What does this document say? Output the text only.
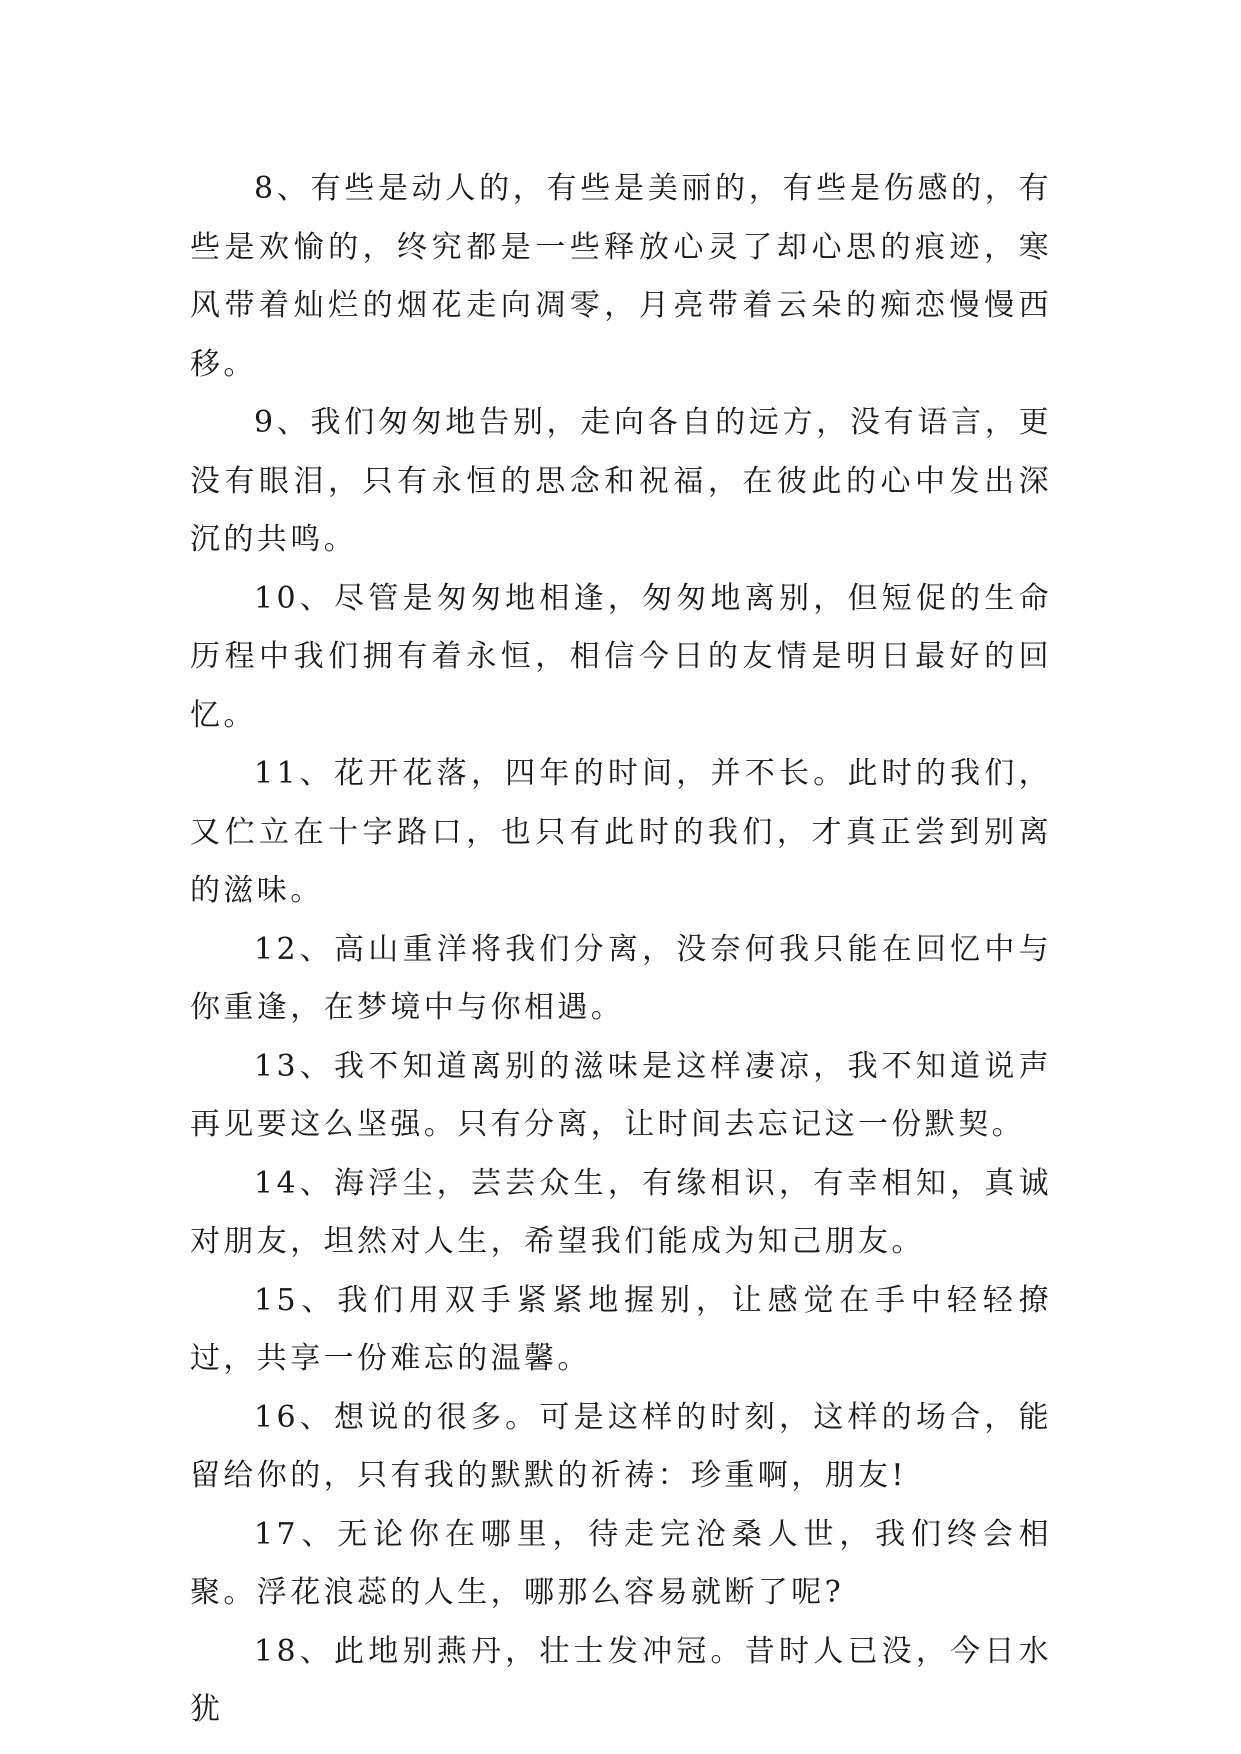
8、有些是动人的，有些是美丽的，有些是伤感的，有些是欢愉的，终究都是一些释放心灵了却心思的痕迹，寒风带着灿烂的烟花走向凋零，月亮带着云朵的痴恋慢慢西移。

9、我们匆匆地告别，走向各自的远方，没有语言，更没有眼泪，只有永恒的思念和祝福，在彼此的心中发出深沉的共鸣。

10、尽管是匆匆地相逢，匆匆地离别，但短促的生命历程中我们拥有着永恒，相信今日的友情是明日最好的回忆。

11、花开花落，四年的时间，并不长。此时的我们，又伫立在十字路口，也只有此时的我们，才真正尝到别离的滋味。

12、高山重洋将我们分离，没奈何我只能在回忆中与你重逢，在梦境中与你相遇。

13、我不知道离别的滋味是这样凄凉，我不知道说声再见要这么坚强。只有分离，让时间去忘记这一份默契。

14、海浮尘，芸芸众生，有缘相识，有幸相知，真诚对朋友，坦然对人生，希望我们能成为知己朋友。

15、我们用双手紧紧地握别，让感觉在手中轻轻撩过，共享一份难忘的温馨。

16、想说的很多。可是这样的时刻，这样的场合，能留给你的，只有我的默默的祈祷：珍重啊，朋友!

17、无论你在哪里，待走完沧桑人世，我们终会相聚。浮花浪蕊的人生，哪那么容易就断了呢?

18、此地别燕丹，壮士发冲冠。昔时人已没，今日水犹
